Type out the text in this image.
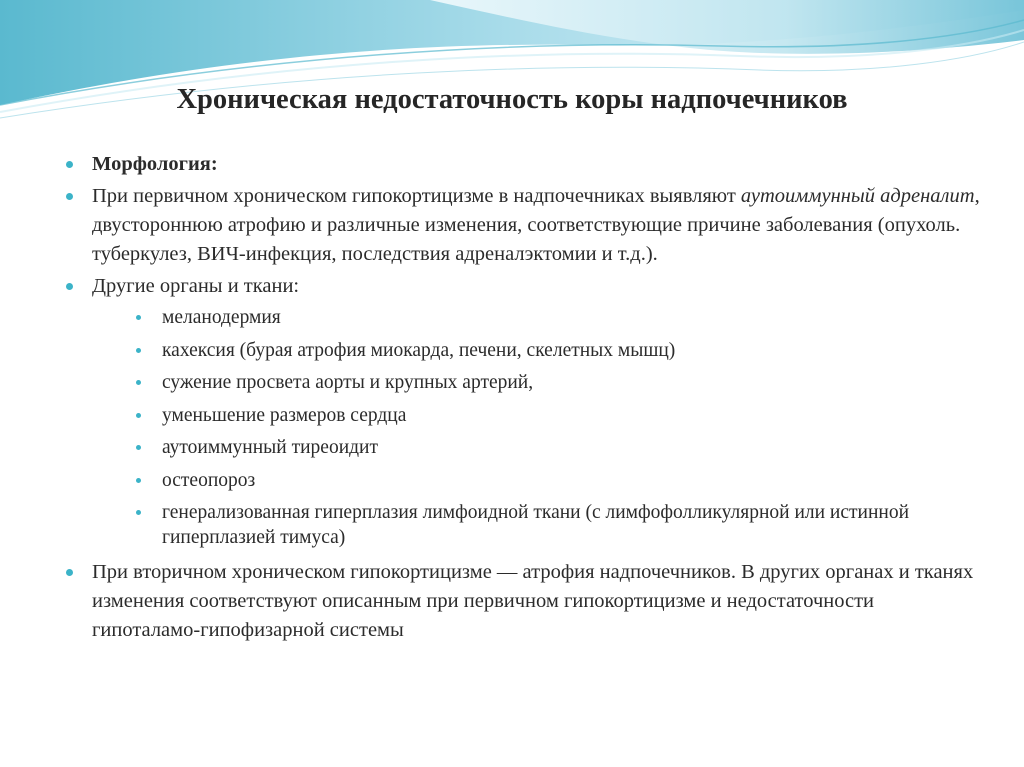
Хроническая недостаточность коры надпочечников
Морфология:
При первичном хроническом гипокортицизме в надпочечниках выявляют аутоиммунный адреналит, двустороннюю атрофию и различные изменения, соответствующие причине заболевания (опухоль. туберкулез, ВИЧ-инфекция, последствия адреналэктомии и т.д.).
Другие органы и ткани:
меланодермия
кахексия (бурая атрофия миокарда, печени, скелетных мышц)
сужение просвета аорты и крупных артерий,
уменьшение размеров сердца
аутоиммунный тиреоидит
остеопороз
генерализованная гиперплазия лимфоидной ткани (с лимфофолликулярной или истинной гиперплазией тимуса)
При вторичном хроническом гипокортицизме — атрофия надпочечников. В других органах и тканях изменения соответствуют описанным при первичном гипокортицизме и недостаточности гипоталамо-гипофизарной системы
